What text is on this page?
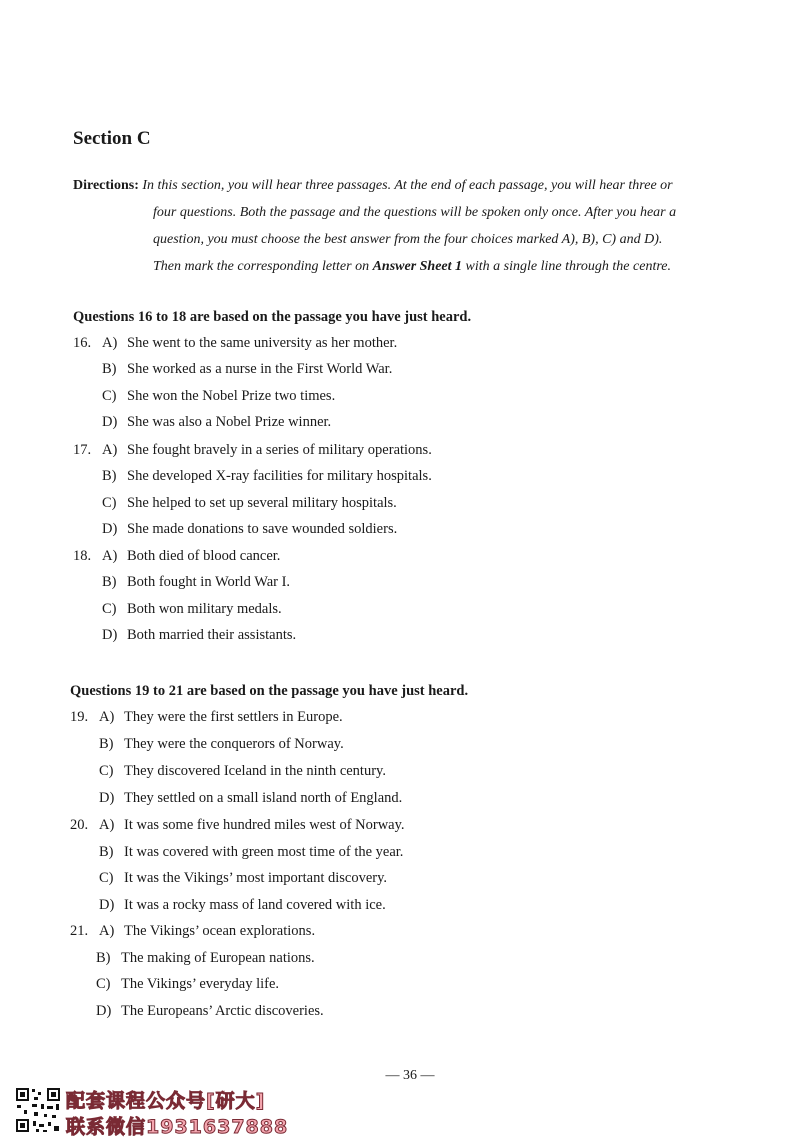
Section C
Directions: In this section, you will hear three passages. At the end of each passage, you will hear three or
four questions. Both the passage and the questions will be spoken only once. After you hear a
question, you must choose the best answer from the four choices marked A), B), C) and D).
Then mark the corresponding letter on Answer Sheet 1 with a single line through the centre.
Questions 16 to 18 are based on the passage you have just heard.
16. A) She went to the same university as her mother.
B) She worked as a nurse in the First World War.
C) She won the Nobel Prize two times.
D) She was also a Nobel Prize winner.
17. A) She fought bravely in a series of military operations.
B) She developed X-ray facilities for military hospitals.
C) She helped to set up several military hospitals.
D) She made donations to save wounded soldiers.
18. A) Both died of blood cancer.
B) Both fought in World War I.
C) Both won military medals.
D) Both married their assistants.
Questions 19 to 21 are based on the passage you have just heard.
19. A) They were the first settlers in Europe.
B) They were the conquerors of Norway.
C) They discovered Iceland in the ninth century.
D) They settled on a small island north of England.
20. A) It was some five hundred miles west of Norway.
B) It was covered with green most time of the year.
C) It was the Vikings’ most important discovery.
D) It was a rocky mass of land covered with ice.
21. A) The Vikings’ ocean explorations.
B) The making of European nations.
C) The Vikings’ everyday life.
D) The Europeans’ Arctic discoveries.
— 36 —
配套课程公众号[研大]
联系微信1931637888
